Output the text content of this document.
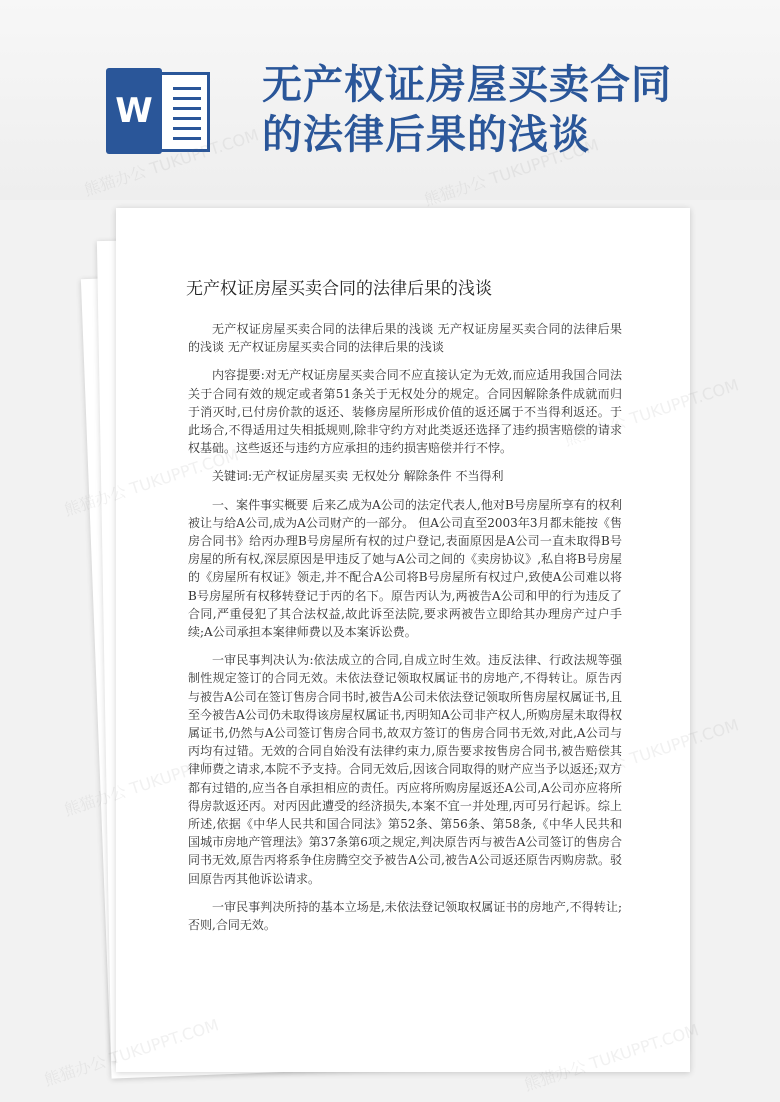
W
无产权证房屋买卖合同
的法律后果的浅谈
无产权证房屋买卖合同的法律后果的浅谈

无产权证房屋买卖合同的法律后果的浅谈 无产权证房屋买卖合同的法律后果的浅谈 无产权证房屋买卖合同的法律后果的浅谈

内容提要:对无产权证房屋买卖合同不应直接认定为无效,而应适用我国合同法关于合同有效的规定或者第51条关于无权处分的规定。合同因解除条件成就而归于消灭时,已付房价款的返还、装修房屋所形成价值的返还属于不当得利返还。于此场合,不得适用过失相抵规则,除非守约方对此类返还选择了违约损害赔偿的请求权基础。这些返还与违约方应承担的违约损害赔偿并行不悖。

关键词:无产权证房屋买卖 无权处分 解除条件 不当得利

一、案件事实概要 后来乙成为A公司的法定代表人,他对B号房屋所享有的权利被让与给A公司,成为A公司财产的一部分。 但A公司直至2003年3月都未能按《售房合同书》给丙办理B号房屋所有权的过户登记,表面原因是A公司一直未取得B号房屋的所有权,深层原因是甲违反了她与A公司之间的《卖房协议》,私自将B号房屋的《房屋所有权证》领走,并不配合A公司将B号房屋所有权过户,致使A公司难以将B号房屋所有权移转登记于丙的名下。原告丙认为,两被告A公司和甲的行为违反了合同,严重侵犯了其合法权益,故此诉至法院,要求两被告立即给其办理房产过户手续;A公司承担本案律师费以及本案诉讼费。

一审民事判决认为:依法成立的合同,自成立时生效。违反法律、行政法规等强制性规定签订的合同无效。未依法登记领取权属证书的房地产,不得转让。原告丙与被告A公司在签订售房合同书时,被告A公司未依法登记领取所售房屋权属证书,且至今被告A公司仍未取得该房屋权属证书,丙明知A公司非产权人,所购房屋未取得权属证书,仍然与A公司签订售房合同书,故双方签订的售房合同书无效,对此,A公司与丙均有过错。无效的合同自始没有法律约束力,原告要求按售房合同书,被告赔偿其律师费之请求,本院不予支持。合同无效后,因该合同取得的财产应当予以返还;双方都有过错的,应当各自承担相应的责任。丙应将所购房屋返还A公司,A公司亦应将所得房款返还丙。对丙因此遭受的经济损失,本案不宜一并处理,丙可另行起诉。综上所述,依据《中华人民共和国合同法》第52条、第56条、第58条,《中华人民共和国城市房地产管理法》第37条第6项之规定,判决原告丙与被告A公司签订的售房合同书无效,原告丙将系争住房腾空交予被告A公司,被告A公司返还原告丙购房款。驳回原告丙其他诉讼请求。

一审民事判决所持的基本立场是,未依法登记领取权属证书的房地产,不得转让;否则,合同无效。

熊猫办公
熊猫办公	熊猫办公
